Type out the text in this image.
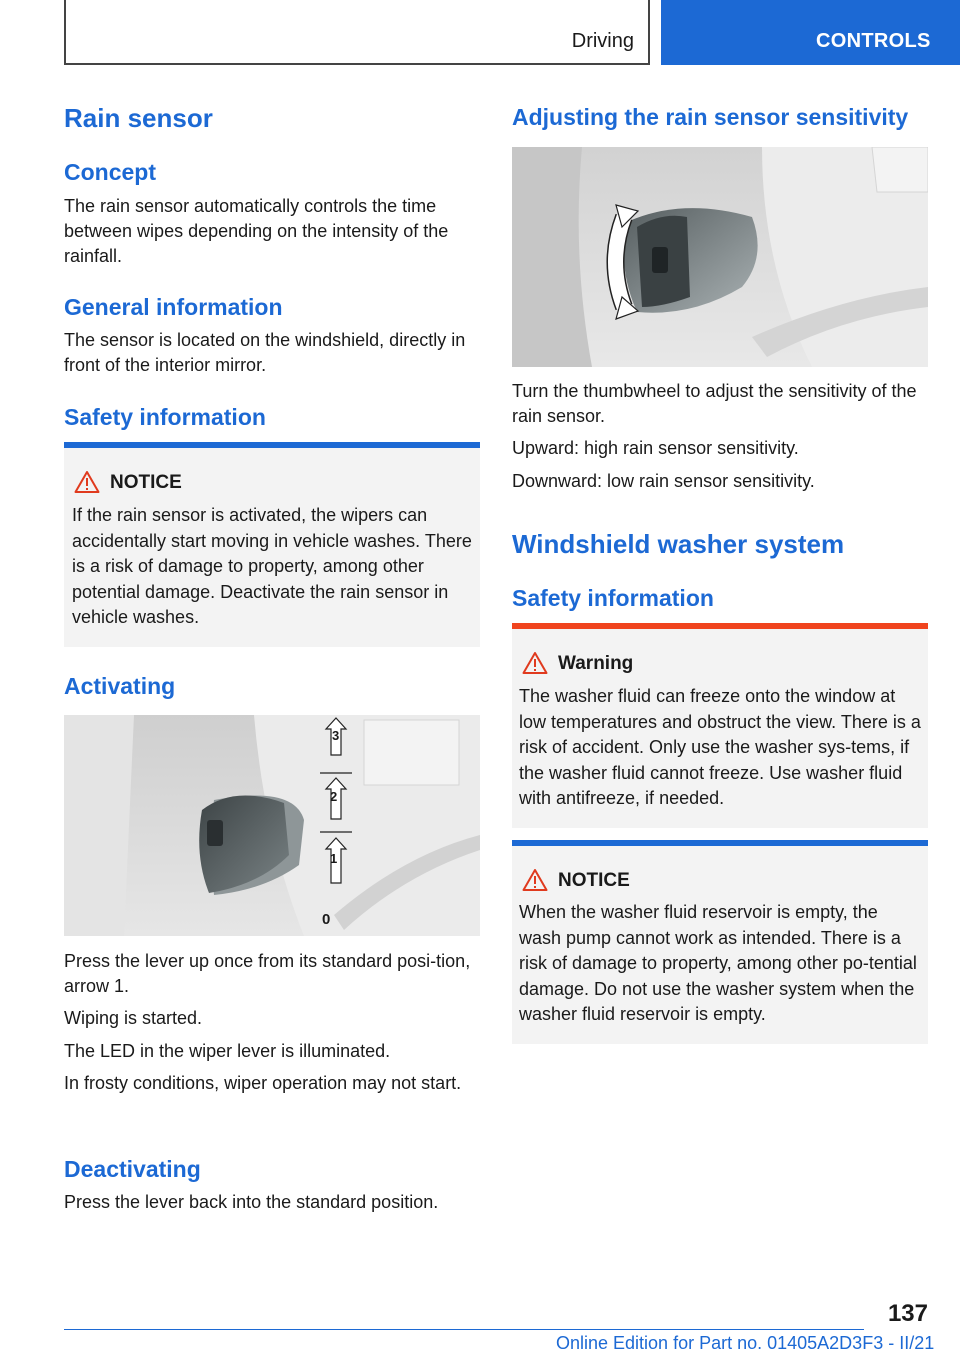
Driving	CONTROLS
Rain sensor
Concept
The rain sensor automatically controls the time between wipes depending on the intensity of the rainfall.
General information
The sensor is located on the windshield, directly in front of the interior mirror.
Safety information
NOTICE
If the rain sensor is activated, the wipers can accidentally start moving in vehicle washes. There is a risk of damage to property, among other potential damage. Deactivate the rain sensor in vehicle washes.
Activating
3
2
1
0
Press the lever up once from its standard posi-tion, arrow 1.
Wiping is started.
The LED in the wiper lever is illuminated.
In frosty conditions, wiper operation may not start.
Deactivating
Press the lever back into the standard position.
Adjusting the rain sensor sensitivity
Turn the thumbwheel to adjust the sensitivity of the rain sensor.
Upward: high rain sensor sensitivity.
Downward: low rain sensor sensitivity.
Windshield washer system
Safety information
Warning
The washer fluid can freeze onto the window at low temperatures and obstruct the view. There is a risk of accident. Only use the washer sys-tems, if the washer fluid cannot freeze. Use washer fluid with antifreeze, if needed.
NOTICE
When the washer fluid reservoir is empty, the wash pump cannot work as intended. There is a risk of damage to property, among other po-tential damage. Do not use the washer system when the washer fluid reservoir is empty.
137
Online Edition for Part no. 01405A2D3F3 - II/21
